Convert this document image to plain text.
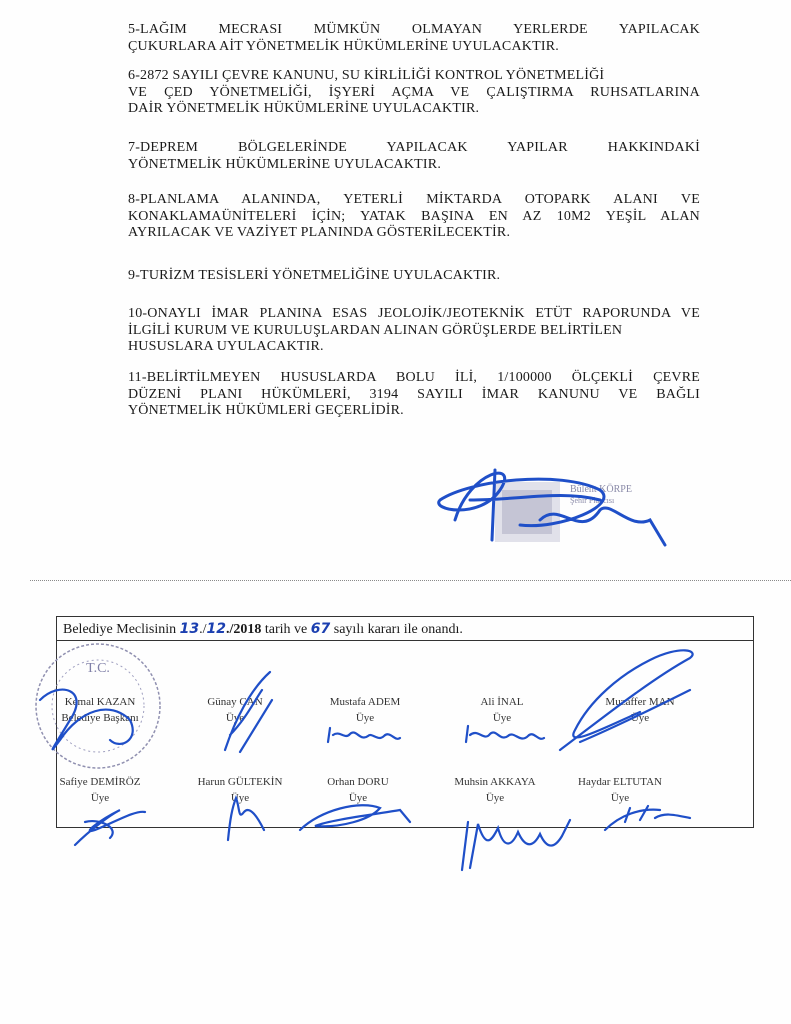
5-LAĞIM MECRASI MÜMKÜN OLMAYAN YERLERDE YAPILACAK
ÇUKURLARA AİT YÖNETMELİK HÜKÜMLERİNE UYULACAKTIR.
6-2872 SAYILI ÇEVRE KANUNU, SU KİRLİLİĞİ KONTROL YÖNETMELİĞİ
VE ÇED YÖNETMELİĞİ, İŞYERİ AÇMA VE ÇALIŞTIRMA RUHSATLARINA
DAİR YÖNETMELİK HÜKÜMLERİNE UYULACAKTIR.
7-DEPREM BÖLGELERİNDE YAPILACAK YAPILAR HAKKINDAKİ
YÖNETMELİK HÜKÜMLERİNE UYULACAKTIR.
8-PLANLAMA ALANINDA, YETERLİ MİKTARDA OTOPARK ALANI VE
KONAKLAMAÜNİTELERİ İÇİN; YATAK BAŞINA EN AZ 10M2 YEŞİL ALAN
AYRILACAK VE VAZİYET PLANINDA GÖSTERİLECEKTİR.
9-TURİZM TESİSLERİ YÖNETMELİĞİNE UYULACAKTIR.
10-ONAYLI İMAR PLANINA ESAS JEOLOJİK/JEOTEKNİK ETÜT RAPORUNDA VE
İLGİLİ KURUM VE KURULUŞLARDAN ALINAN GÖRÜŞLERDE BELİRTİLEN
HUSUSLARA UYULACAKTIR.
11-BELİRTİLMEYEN HUSUSLARDA BOLU İLİ, 1/100000 ÖLÇEKLİ ÇEVRE
DÜZENİ PLANI HÜKÜMLERİ, 3194 SAYILI İMAR KANUNU VE BAĞLI
YÖNETMELİK HÜKÜMLERİ GEÇERLİDİR.
Bülent KÖRPE
Şehir Plancısı
Belediye Meclisinin 13./12./2018 tarih ve 67 sayılı kararı ile onandı.
T.C.
Kemal KAZAN
Belediye Başkanı
Günay CAN
Üye
Mustafa ADEM
Üye
Ali İNAL
Üye
Muzaffer MAN
Üye
Safiye DEMİRÖZ
Üye
Harun GÜLTEKİN
Üye
Orhan DORU
Üye
Muhsin AKKAYA
Üye
Haydar ELTUTAN
Üye
